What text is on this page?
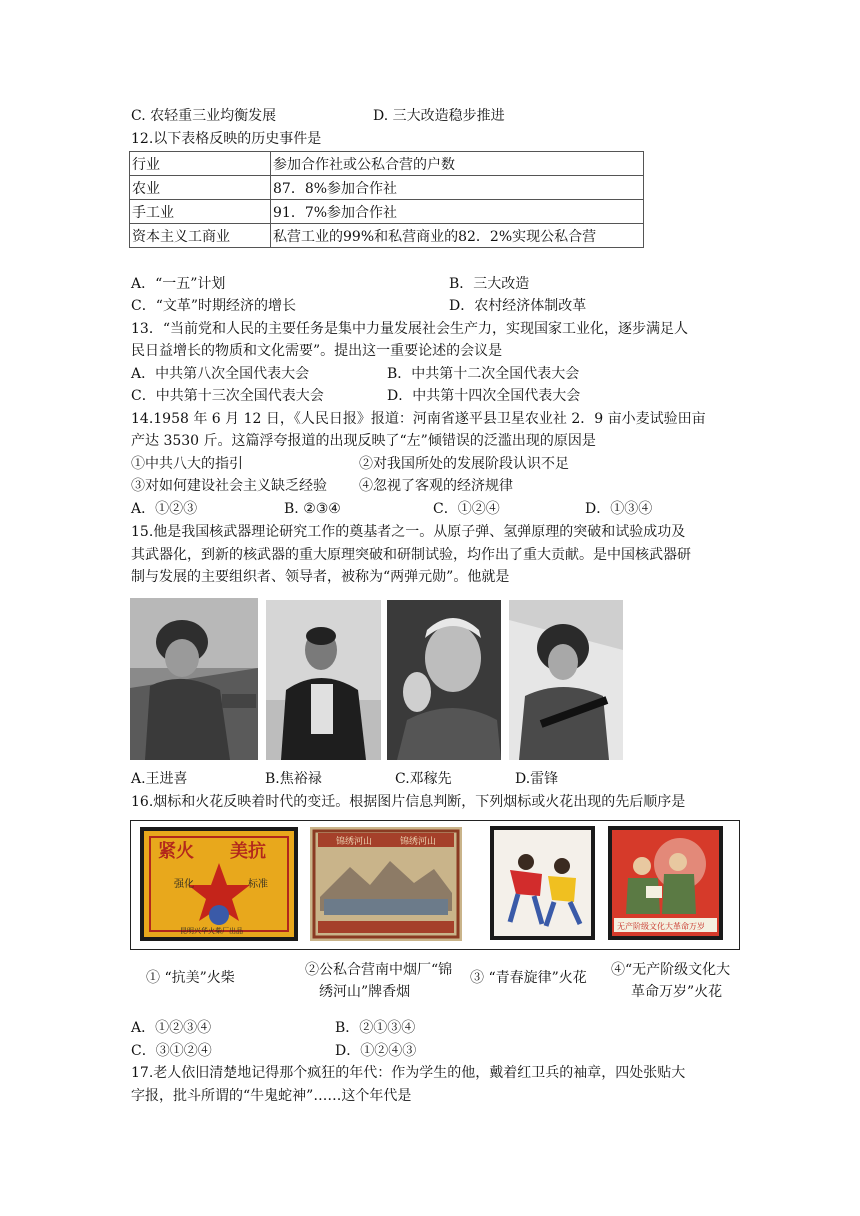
C. 农轻重三业均衡发展	D. 三大改造稳步推进
12.以下表格反映的历史事件是
行业	参加合作社或公私合营的户数
农业	87．8%参加合作社
手工业	91．7%参加合作社
资本主义工商业	私营工业的99%和私营商业的82．2%实现公私合营
A．“一五”计划	B．三大改造
C．“文革”时期经济的增长	D．农村经济体制改革
13．“当前党和人民的主要任务是集中力量发展社会生产力，实现国家工业化，逐步满足人
民日益增长的物质和文化需要”。提出这一重要论述的会议是
A．中共第八次全国代表大会	B．中共第十二次全国代表大会
C．中共第十三次全国代表大会	D．中共第十四次全国代表大会
14.1958 年 6 月 12 日，《人民日报》报道：河南省遂平县卫星农业社 2．9 亩小麦试验田亩
产达 3530 斤。这篇浮夸报道的出现反映了“左”倾错误的泛滥出现的原因是
①中共八大的指引	②对我国所处的发展阶段认识不足
③对如何建设社会主义缺乏经验 ④忽视了客观的经济规律
A．①②③	B. ②③④	C．①②④	D．①③④
15.他是我国核武器理论研究工作的奠基者之一。从原子弹、氢弹原理的突破和试验成功及
其武器化，到新的核武器的重大原理突破和研制试验，均作出了重大贡献。是中国核武器研
制与发展的主要组织者、领导者，被称为“两弹元勋”。他就是
A.王进喜	B.焦裕禄	C.邓稼先	D.雷锋
16.烟标和火花反映着时代的变迁。根据图片信息判断，下列烟标或火花出现的先后顺序是
紧火 美抗
强化	标准
昆明兴华火柴厂出品
锦绣河山	锦绣河山
无产阶级文化大革命万岁
① “抗美”火柴	②公私合营南中烟厂“锦
绣河山”牌香烟
③ “青春旋律”火花 ④“无产阶级文化大
革命万岁”火花
A．①②③④	B．②①③④
C．③①②④	D．①②④③
17.老人依旧清楚地记得那个疯狂的年代：作为学生的他，戴着红卫兵的袖章，四处张贴大
字报，批斗所谓的“牛鬼蛇神”……这个年代是
